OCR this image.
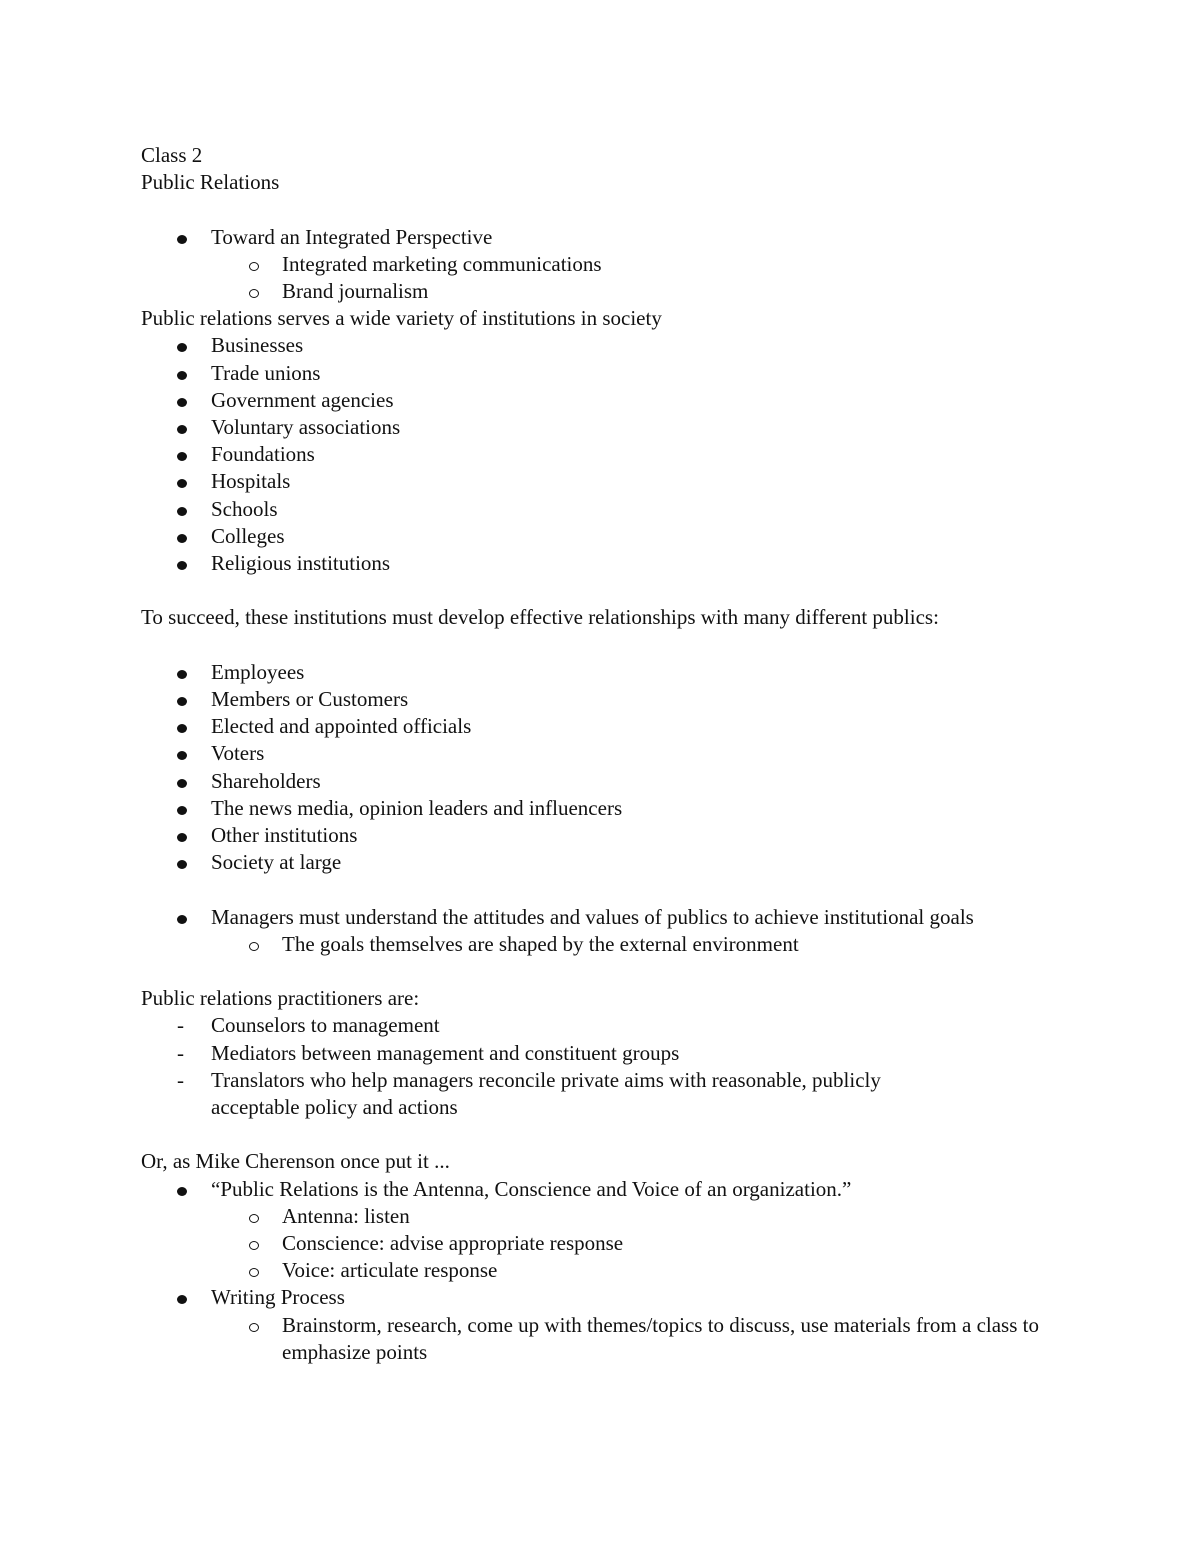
Class 2
Public Relations
Toward an Integrated Perspective
Integrated marketing communications
Brand journalism
Public relations serves a wide variety of institutions in society
Businesses
Trade unions
Government agencies
Voluntary associations
Foundations
Hospitals
Schools
Colleges
Religious institutions
To succeed, these institutions must develop effective relationships with many different publics:
Employees
Members or Customers
Elected and appointed officials
Voters
Shareholders
The news media, opinion leaders and influencers
Other institutions
Society at large
Managers must understand the attitudes and values of publics to achieve institutional goals
The goals themselves are shaped by the external environment
Public relations practitioners are:
- Counselors to management
- Mediators between management and constituent groups
- Translators who help managers reconcile private aims with reasonable, publicly acceptable policy and actions
Or, as Mike Cherenson once put it ...
“Public Relations is the Antenna, Conscience and Voice of an organization.”
Antenna: listen
Conscience: advise appropriate response
Voice: articulate response
Writing Process
Brainstorm, research, come up with themes/topics to discuss, use materials from a class to emphasize points
